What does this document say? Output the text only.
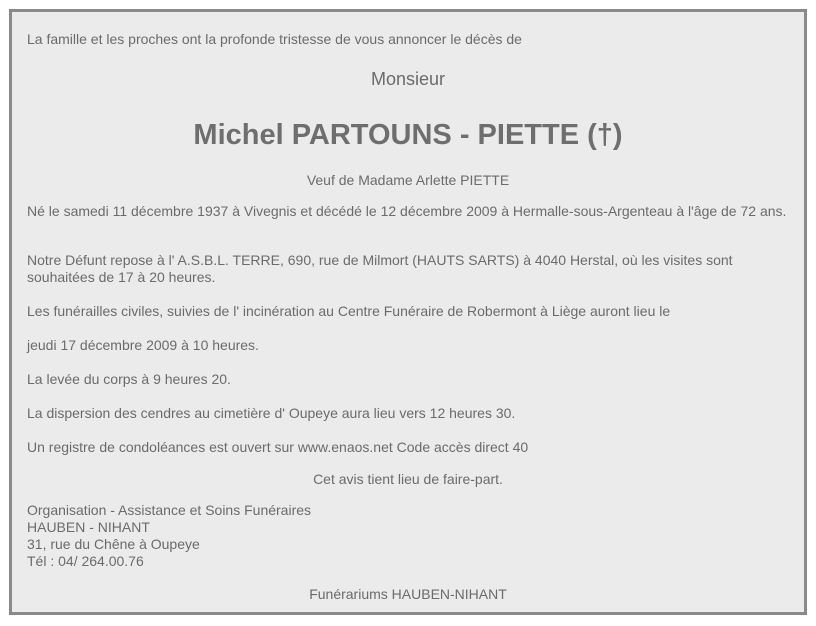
La famille et les proches ont la profonde tristesse de vous annoncer le décès de

Monsieur

Michel PARTOUNS - PIETTE (†)

Veuf de Madame Arlette PIETTE

Né le samedi 11 décembre 1937 à Vivegnis et décédé le 12 décembre 2009 à Hermalle-sous-Argenteau à l'âge de 72 ans.

Notre Défunt repose à l' A.S.B.L. TERRE, 690, rue de Milmort (HAUTS SARTS) à 4040 Herstal, où les visites sont souhaitées de 17 à 20 heures.

Les funérailles civiles, suivies de l' incinération au Centre Funéraire de Robermont à Liège auront lieu le

jeudi 17 décembre 2009 à 10 heures.

La levée du corps à 9 heures 20.

La dispersion des cendres au cimetière d' Oupeye aura lieu vers 12 heures 30.

Un registre de condoléances est ouvert sur www.enaos.net Code accès direct 40

Cet avis tient lieu de faire-part.

Organisation - Assistance et Soins Funéraires
HAUBEN - NIHANT
31, rue du Chêne à Oupeye
Tél : 04/ 264.00.76

Funérariums HAUBEN-NIHANT
